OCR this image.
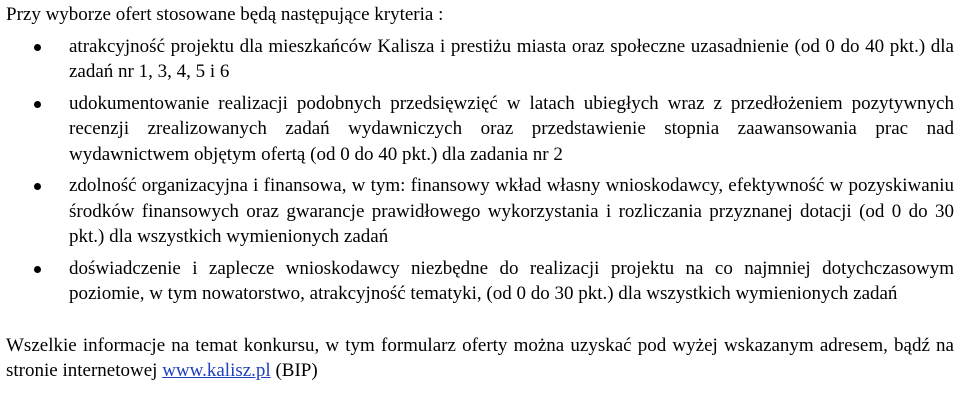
Przy wyborze ofert stosowane będą następujące kryteria :

atrakcyjność projektu dla mieszkańców Kalisza i prestiżu miasta oraz społeczne uzasadnienie (od 0 do 40 pkt.) dla zadań nr 1, 3, 4, 5 i 6
udokumentowanie realizacji podobnych przedsięwzięć w latach ubiegłych wraz z przedłożeniem pozytywnych recenzji zrealizowanych zadań wydawniczych oraz przedstawienie stopnia zaawansowania prac nad wydawnictwem objętym ofertą (od 0 do 40 pkt.) dla zadania nr 2
zdolność organizacyjna i finansowa, w tym: finansowy wkład własny wnioskodawcy, efektywność w pozyskiwaniu środków finansowych oraz gwarancje prawidłowego wykorzystania i rozliczania przyznanej dotacji (od 0 do 30 pkt.) dla wszystkich wymienionych zadań
doświadczenie i zaplecze wnioskodawcy niezbędne do realizacji projektu na co najmniej dotychczasowym poziomie, w tym nowatorstwo, atrakcyjność tematyki, (od 0 do 30 pkt.) dla wszystkich wymienionych zadań

Wszelkie informacje na temat konkursu, w tym formularz oferty można uzyskać pod wyżej wskazanym adresem, bądź na stronie internetowej www.kalisz.pl (BIP)
